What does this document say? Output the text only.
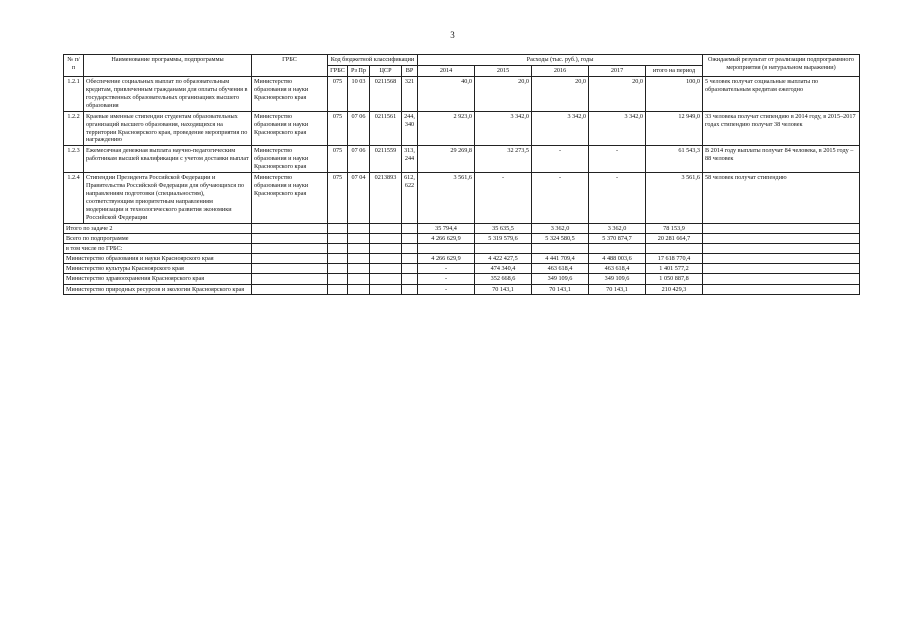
3
№ п/п	Наименование программы, подпрограммы	ГРБС	Код бюджетной классификации				Расходы (тыс. руб.), годы					Ожидаемый результат от реализации подпрограммного мероприятия (в натуральном выражении)
			ГРБС	Рз Пр	ЦСР	ВР	2014	2015	2016	2017	итого на период	
1.2.1	Обеспечение социальных выплат по образовательным кредитам, привлеченным гражданами для оплаты обучения в государственных образовательных организациях высшего образования	Министерство образования и науки Красноярского края	075	10 03	0211568	321	40,0	20,0	20,0	20,0	100,0	5 человек получат социальные выплаты по образовательным кредитам ежегодно
1.2.2	Краевые именные стипендии студентам образовательных организаций высшего образования, находящихся на территории Красноярского края, проведение мероприятия по награждению	Министерство образования и науки Красноярского края	075	07 06	0211561	244, 340	2 923,0	3 342,0	3 342,0	3 342,0	12 949,0	33 человека получат стипендию в 2014 году, в 2015–2017 годах стипендию получат 38 человек
1.2.3	Ежемесячная денежная выплата научно-педагогическим работникам высшей квалификации с учетом доставки выплат	Министерство образования и науки Красноярского края	075	07 06	0211559	313, 244	29 269,8	32 273,5	-	-	61 543,3	В 2014 году выплаты получат 84 человека, в 2015 году – 88 человек
1.2.4	Стипендии Президента Российской Федерации и Правительства Российской Федерации для обучающихся по направлениям подготовки (специальностям), соответствующим приоритетным направлениям модернизации и технологического развития экономики Российской Федерации	Министерство образования и науки Красноярского края	075	07 04	0213893	612, 622	3 561,6	-	-	-	3 561,6	58 человек получат стипендию
Итого по задаче 2							35 794,4	35 635,5	3 362,0	3 362,0	78 153,9	
Всего по подпрограмме							4 266 629,9	5 319 579,6	5 324 580,5	5 370 874,7	20 281 664,7	
в том числе по ГРБС:												
Министерство образования и науки Красноярского края							4 266 629,9	4 422 427,5	4 441 709,4	4 488 003,6	17 618 770,4	
Министерство культуры Красноярского края							-	474 340,4	463 618,4	463 618,4	1 401 577,2	
Министерство здравоохранения Красноярского края							-	352 668,6	349 109,6	349 109,6	1 050 887,8	
Министерство природных ресурсов и экологии Красноярского края							-	70 143,1	70 143,1	70 143,1	210 429,3	
